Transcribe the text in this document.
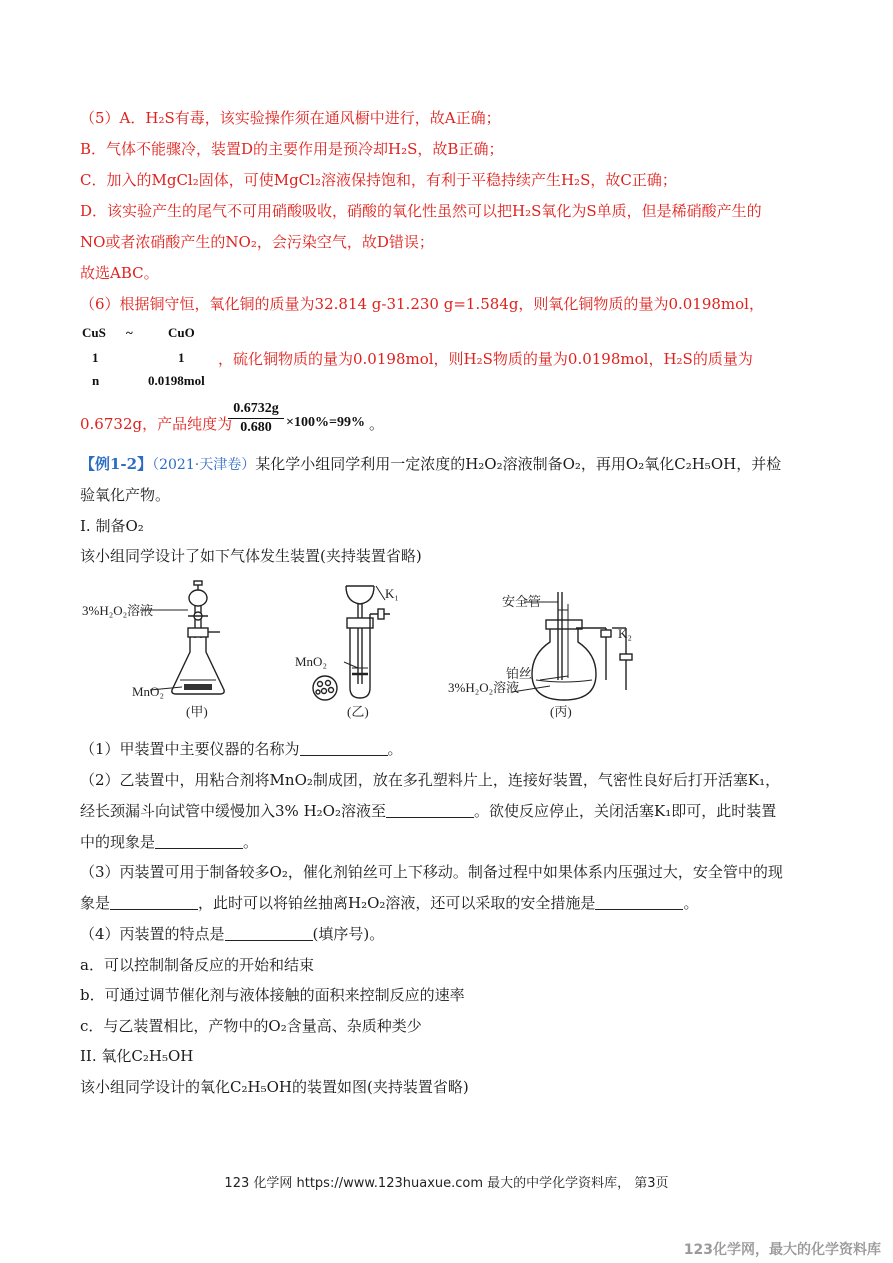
（5）A．H₂S有毒，该实验操作须在通风橱中进行，故A正确；
B．气体不能骤冷，装置D的主要作用是预冷却H₂S，故B正确；
C．加入的MgCl₂固体，可使MgCl₂溶液保持饱和，有利于平稳持续产生H₂S，故C正确；
D．该实验产生的尾气不可用硝酸吸收，硝酸的氧化性虽然可以把H₂S氧化为S单质，但是稀硝酸产生的
NO或者浓硝酸产生的NO₂，会污染空气，故D错误；
故选ABC。
（6）根据铜守恒，氧化铜的质量为32.814 g-31.230 g=1.584g，则氧化铜物质的量为0.0198mol，
CuS ~	CuO
1	1
n	0.0198mol
，硫化铜物质的量为0.0198mol，则H₂S物质的量为0.0198mol，H₂S的质量为
0.6732g，产品纯度为
0.6732g
0.680	×100%=99% 。
【例1-2】（2021·天津卷）某化学小组同学利用一定浓度的H₂O₂溶液制备O₂，再用O₂氧化C₂H₅OH，并检
验氧化产物。
I. 制备O₂
该小组同学设计了如下气体发生装置(夹持装置省略)
3%H₂O₂溶液
MnO₂
(甲)
K₁
MnO₂
(乙)
安全管
K₂
铂丝
3%H₂O₂溶液
(丙)
（1）甲装置中主要仪器的名称为	。
（2）乙装置中，用粘合剂将MnO₂制成团，放在多孔塑料片上，连接好装置，气密性良好后打开活塞K₁，
经长颈漏斗向试管中缓慢加入3% H₂O₂溶液至	。欲使反应停止，关闭活塞K₁即可，此时装置
中的现象是	。
（3）丙装置可用于制备较多O₂，催化剂铂丝可上下移动。制备过程中如果体系内压强过大，安全管中的现
象是	，此时可以将铂丝抽离H₂O₂溶液，还可以采取的安全措施是	。
（4）丙装置的特点是	(填序号)。
a．可以控制制备反应的开始和结束
b．可通过调节催化剂与液体接触的面积来控制反应的速率
c．与乙装置相比，产物中的O₂含量高、杂质种类少
II. 氧化C₂H₅OH
该小组同学设计的氧化C₂H₅OH的装置如图(夹持装置省略)
123 化学网 https://www.123huaxue.com 最大的中学化学资料库， 第3页
123化学网，最大的化学资料库
